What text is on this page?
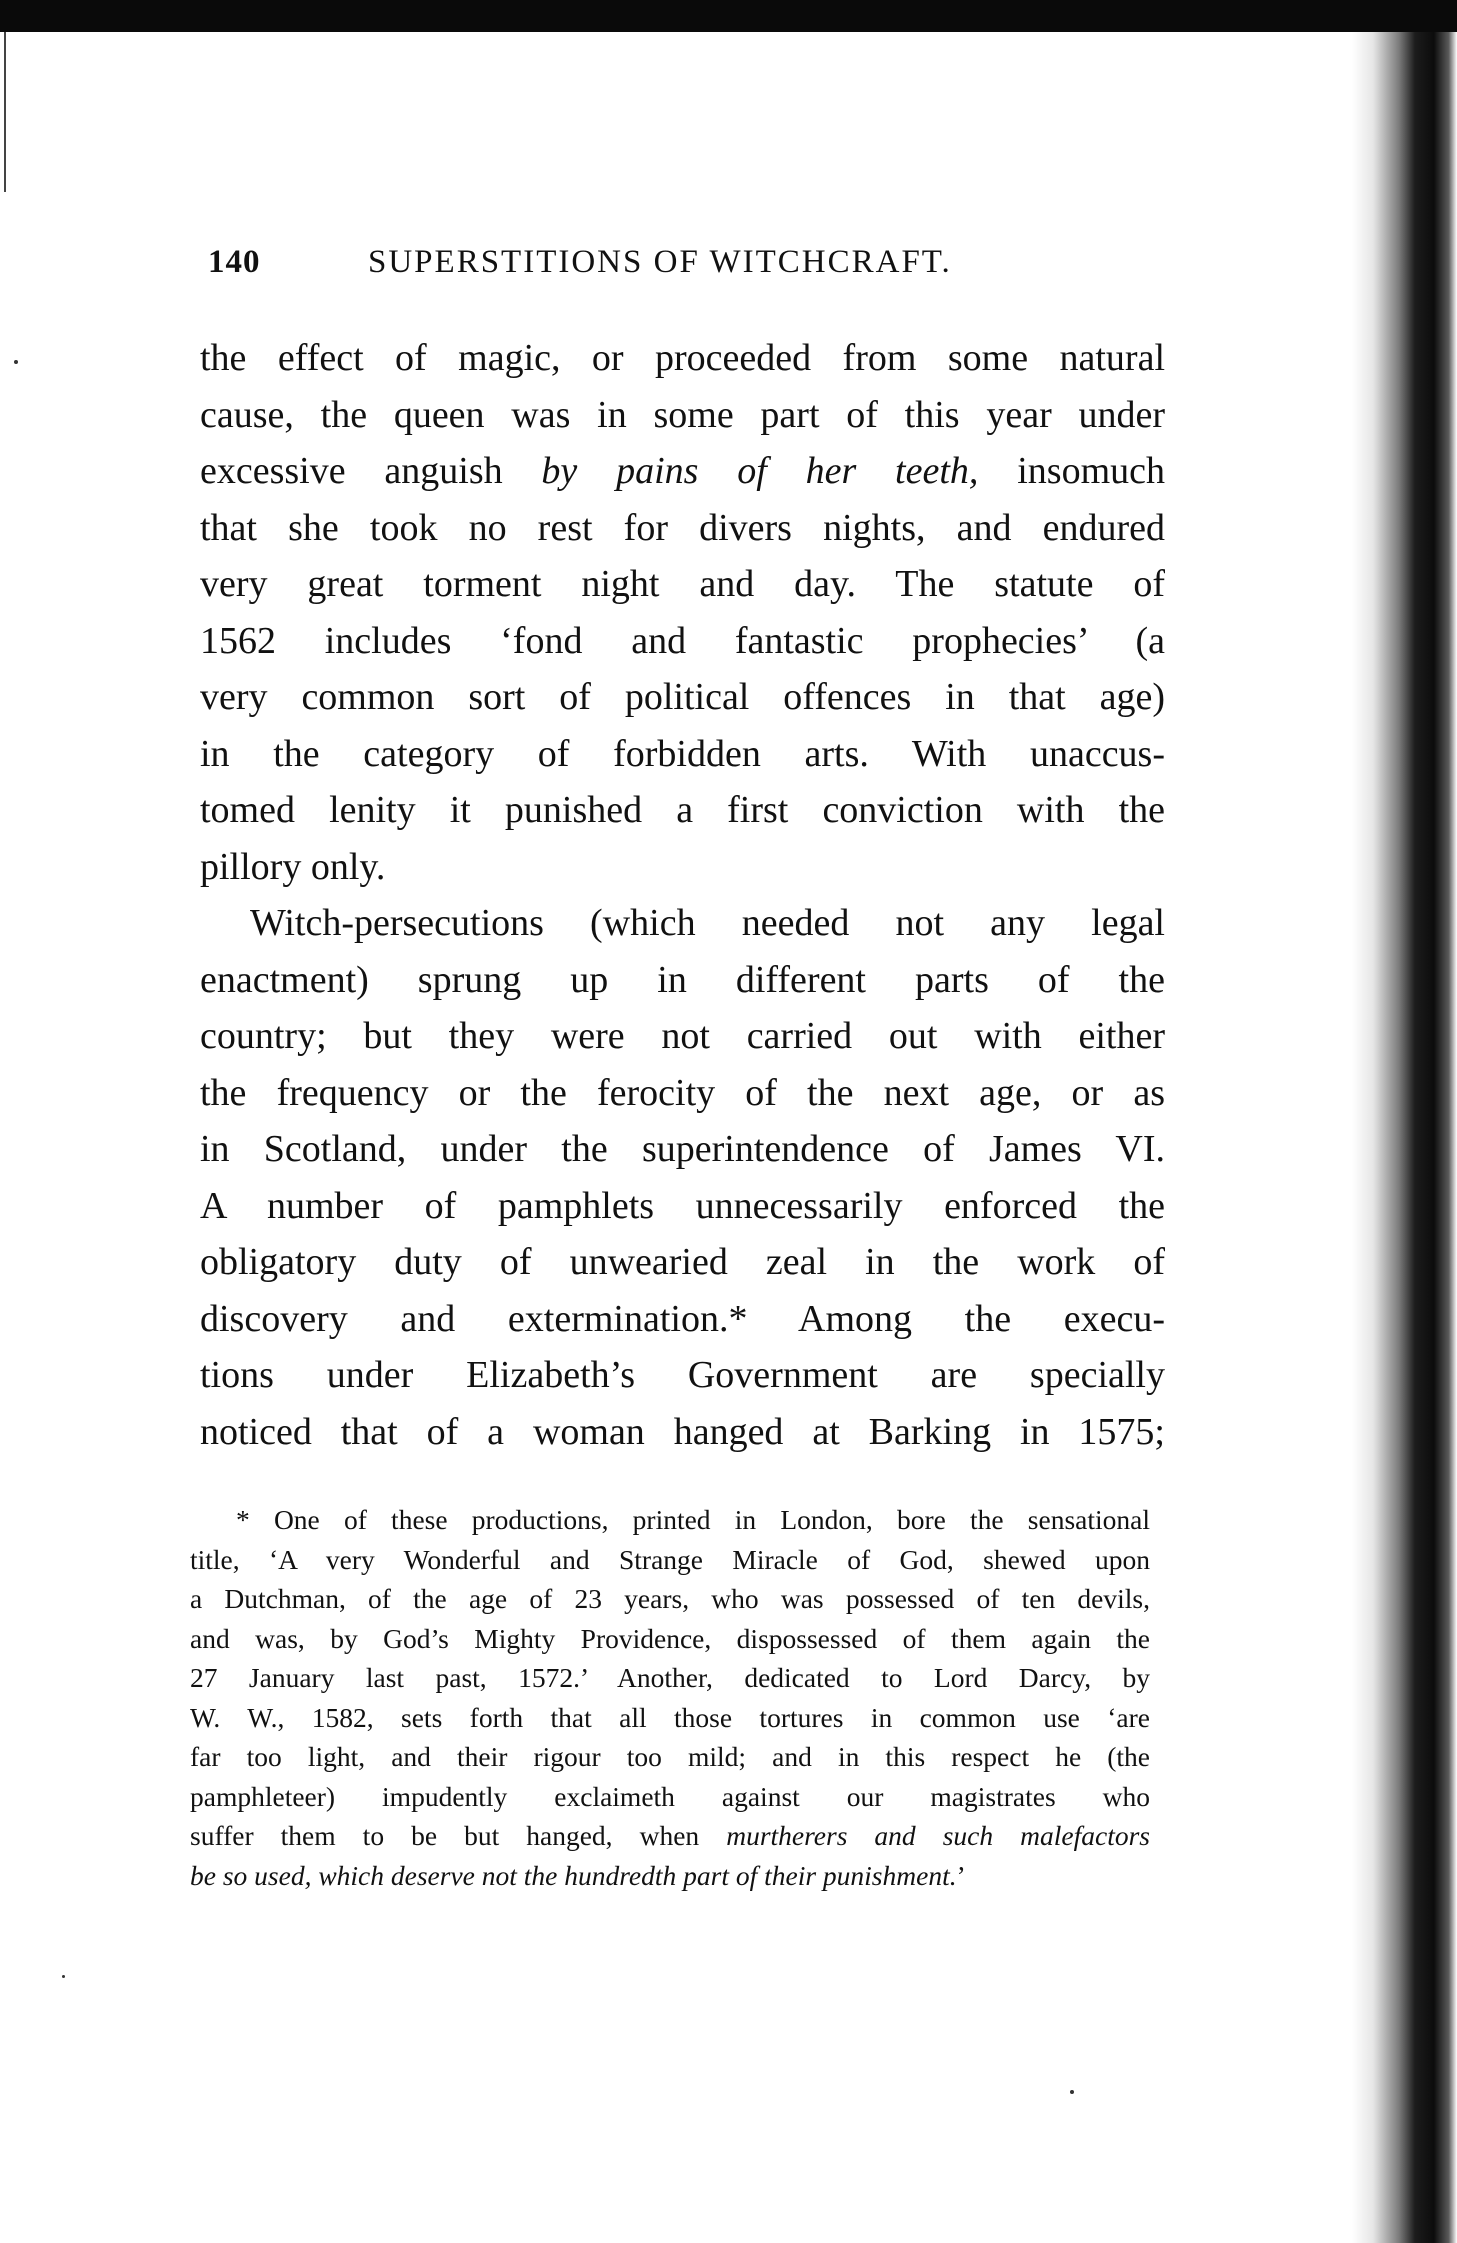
140	SUPERSTITIONS OF WITCHCRAFT.
the effect of magic, or proceeded from some natural
cause, the queen was in some part of this year under
excessive anguish by pains of her teeth, insomuch
that she took no rest for divers nights, and endured
very great torment night and day. The statute of
1562 includes ‘fond and fantastic prophecies’ (a
very common sort of political offences in that age)
in the category of forbidden arts. With unaccus-
tomed lenity it punished a first conviction with the
pillory only.
Witch-persecutions (which needed not any legal
enactment) sprung up in different parts of the
country; but they were not carried out with either
the frequency or the ferocity of the next age, or as
in Scotland, under the superintendence of James VI.
A number of pamphlets unnecessarily enforced the
obligatory duty of unwearied zeal in the work of
discovery and extermination.* Among the execu-
tions under Elizabeth’s Government are specially
noticed that of a woman hanged at Barking in 1575;
* One of these productions, printed in London, bore the sensational
title, ‘A very Wonderful and Strange Miracle of God, shewed upon
a Dutchman, of the age of 23 years, who was possessed of ten devils,
and was, by God’s Mighty Providence, dispossessed of them again the
27 January last past, 1572.’ Another, dedicated to Lord Darcy, by
W. W., 1582, sets forth that all those tortures in common use ‘are
far too light, and their rigour too mild; and in this respect he (the
pamphleteer) impudently exclaimeth against our magistrates who
suffer them to be but hanged, when murtherers and such malefactors
be so used, which deserve not the hundredth part of their punishment.’
